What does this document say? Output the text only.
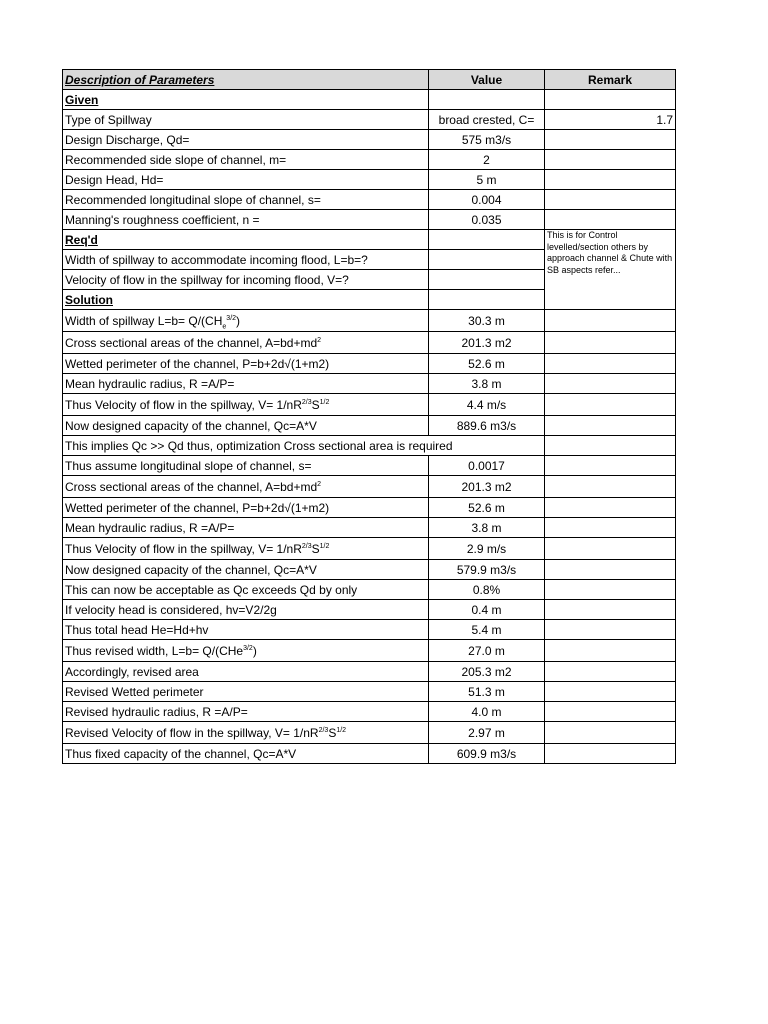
Description of Parameters	Value	Remark
Given		
Type of Spillway	broad crested, C=	1.7
Design Discharge, Qd=	575 m3/s	
Recommended side slope of channel, m=	2	
Design Head, Hd=	5 m	
Recommended longitudinal slope of channel, s=	0.004	
Manning's roughness coefficient, n =	0.035	
Req'd		This is for Control levelled/section others by approach channel & Chute with SB aspects refer...
Width of spillway to accommodate incoming flood, L=b=?		
Velocity of flow in the spillway for incoming flood, V=?		
Solution		
Width of spillway $L=b= Q/(CH_e^{3/2})$	30.3 m	
Cross sectional areas of the channel, $A=bd+md^2$	201.3 m2	
Wetted perimeter of the channel, P=b+2d√(1+m2)	52.6 m	
Mean hydraulic radius, R =A/P=	3.8 m	
Thus Velocity of flow in the spillway, $V= 1/nR^{2/3}S^{1/2}$	4.4 m/s	
Now designed capacity of the channel, Qc=A*V	889.6 m3/s	
This implies Qc >> Qd thus, optimization Cross sectional area is required		
Thus assume longitudinal slope of channel, s=	0.0017	
Cross sectional areas of the channel, $A=bd+md^2$	201.3 m2	
Wetted perimeter of the channel, P=b+2d√(1+m2)	52.6 m	
Mean hydraulic radius, R =A/P=	3.8 m	
Thus Velocity of flow in the spillway, $V= 1/nR^{2/3}S^{1/2}$	2.9 m/s	
Now designed capacity of the channel, Qc=A*V	579.9 m3/s	
This can now be acceptable as Qc exceeds Qd by only	0.8%	
If velocity head is considered, hv=V2/2g	0.4 m	
Thus total head He=Hd+hv	5.4 m	
Thus revised width, L=b= Q/(CHe$^{3/2}$)	27.0 m	
Accordingly, revised area	205.3 m2	
Revised Wetted perimeter	51.3 m	
Revised hydraulic radius, R =A/P=	4.0 m	
Revised Velocity of flow in the spillway, $V= 1/nR^{2/3}S^{1/2}$	2.97 m	
Thus fixed capacity of the channel, Qc=A*V	609.9 m3/s	
